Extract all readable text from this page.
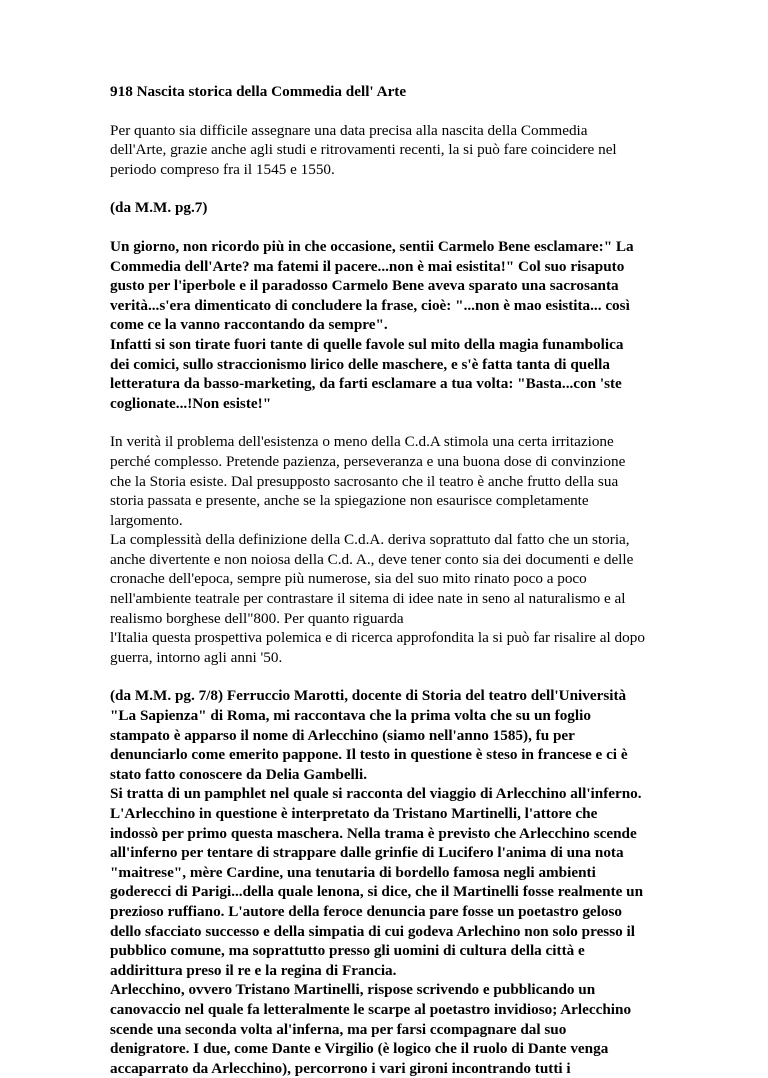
918 Nascita storica della Commedia dell' Arte

Per quanto sia difficile assegnare una data precisa alla nascita della Commedia
dell'Arte, grazie anche agli studi e ritrovamenti recenti, la si può fare coincidere nel
periodo compreso fra il 1545 e 1550.

(da M.M. pg.7)

Un giorno, non ricordo più in che occasione, sentii Carmelo Bene esclamare:" La
Commedia dell'Arte? ma fatemi il pacere...non è mai esistita!" Col suo risaputo
gusto per l'iperbole e il paradosso Carmelo Bene aveva sparato una sacrosanta
verità...s'era dimenticato di concludere la frase, cioè: "...non è mao esistita... così
come ce la vanno raccontando da sempre".
Infatti si son tirate fuori tante di quelle favole sul mito della magia funambolica
dei comici, sullo straccionismo lirico delle maschere, e s'è fatta tanta di quella
letteratura da basso-marketing, da farti esclamare a tua volta: "Basta...con 'ste
coglionate...!Non esiste!"

In verità il problema dell'esistenza o meno della C.d.A stimola una certa irritazione
perché complesso. Pretende pazienza, perseveranza e una buona dose di convinzione
che la Storia esiste. Dal presupposto sacrosanto che il teatro è anche frutto della sua
storia passata e presente, anche se la spiegazione non esaurisce completamente
largomento.
La complessità della definizione della C.d.A. deriva soprattuto dal fatto che un storia,
anche divertente e non noiosa della C.d. A., deve tener conto sia dei documenti e delle
cronache dell'epoca, sempre più numerose, sia del suo mito rinato poco a poco
nell'ambiente teatrale per contrastare il sitema di idee nate in seno al naturalismo e al
realismo borghese dell"800. Per quanto riguarda
l'Italia questa prospettiva polemica e di ricerca approfondita la si può far risalire al dopo
guerra, intorno agli anni '50.

(da M.M. pg. 7/8) Ferruccio Marotti, docente di Storia del teatro dell'Università
"La Sapienza" di Roma, mi raccontava che la prima volta che su un foglio
stampato è apparso il nome di Arlecchino (siamo nell'anno 1585), fu per
denunciarlo come emerito pappone. Il testo in questione è steso in francese e ci è
stato fatto conoscere da Delia Gambelli.
Si tratta di un pamphlet nel quale si racconta del viaggio di Arlecchino all'inferno.
L'Arlecchino in questione è interpretato da Tristano Martinelli, l'attore che
indossò per primo questa maschera. Nella trama è previsto che Arlecchino scende
all'inferno per tentare di strappare dalle grinfie di Lucifero l'anima di una nota
"maitrese", mère Cardine, una tenutaria di bordello famosa negli ambienti
goderecci di Parigi...della quale lenona, si dice, che il Martinelli fosse realmente un
prezioso ruffiano. L'autore della feroce denuncia pare fosse un poetastro geloso
dello sfacciato successo e della simpatia di cui godeva Arlechino non solo presso il
pubblico comune, ma soprattutto presso gli uomini di cultura della città e
addirittura preso il re e la regina di Francia.
Arlecchino, ovvero Tristano Martinelli, rispose scrivendo e pubblicando un
canovaccio nel quale fa letteralmente le scarpe al poetastro invidioso; Arlecchino
scende una seconda volta al'inferna, ma per farsi ccompagnare dal suo
denigratore. I due, come Dante e Virgilio (è logico che il ruolo di Dante venga
accaparrato da Arlecchino), percorrono i vari gironi incontrando tutti i
